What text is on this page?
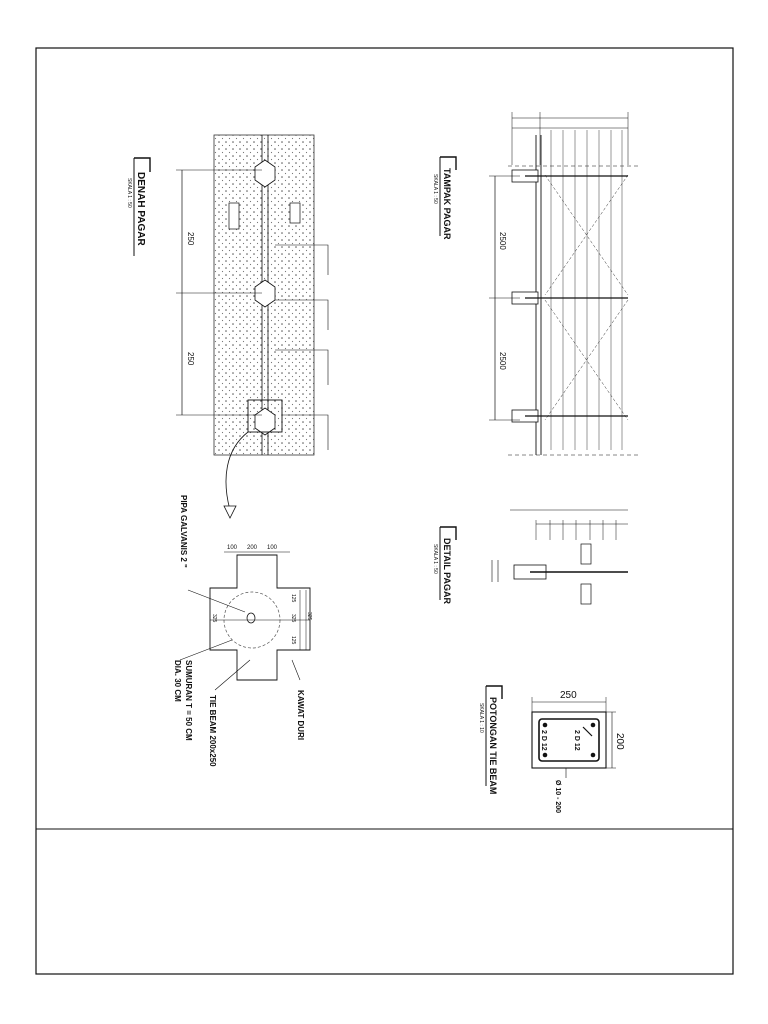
250
250
DENAH PAGAR
SKALA 1 : 50
2500
2500
TAMPAK PAGAR
SKALA 1 : 50
DETAIL PAGAR
SKALA 1 : 50
100 200 100
125
325
125
325
325
PIPA GALVANIS 2 "
KAWAT DURI
TIE BEAM 200x250
SUMURAN T = 50 CM
DIA. 30 CM	250
200
2 D 12
2 D 12
Ø 10 - 200
POTONGAN TIE BEAM
SKALA 1 : 10
